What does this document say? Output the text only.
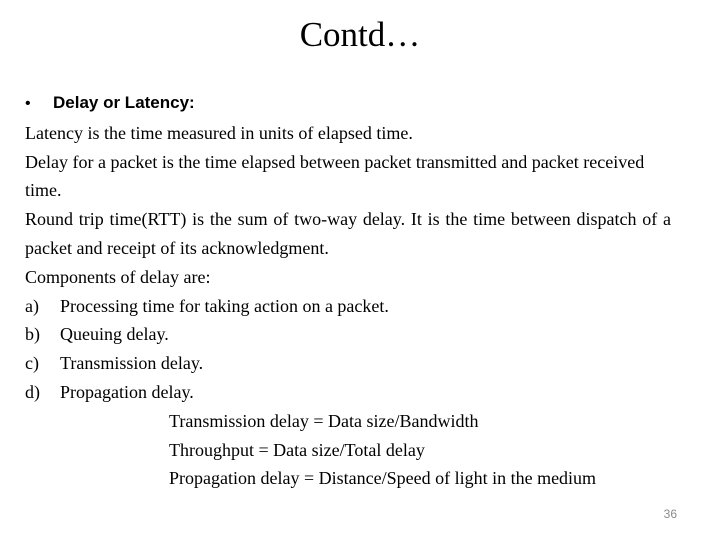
Contd…
• Delay or Latency:

Latency is the time measured in units of elapsed time.

Delay for a packet is the time elapsed between packet transmitted and packet received time.

Round trip time(RTT) is the sum of two-way delay. It is the time between dispatch of a packet and receipt of its acknowledgment.

Components of delay are:

a) Processing time for taking action on a packet.
b) Queuing delay.
c) Transmission delay.
d) Propagation delay.
Transmission delay = Data size/Bandwidth
Throughput = Data size/Total delay
Propagation delay = Distance/Speed of light in the medium
36
